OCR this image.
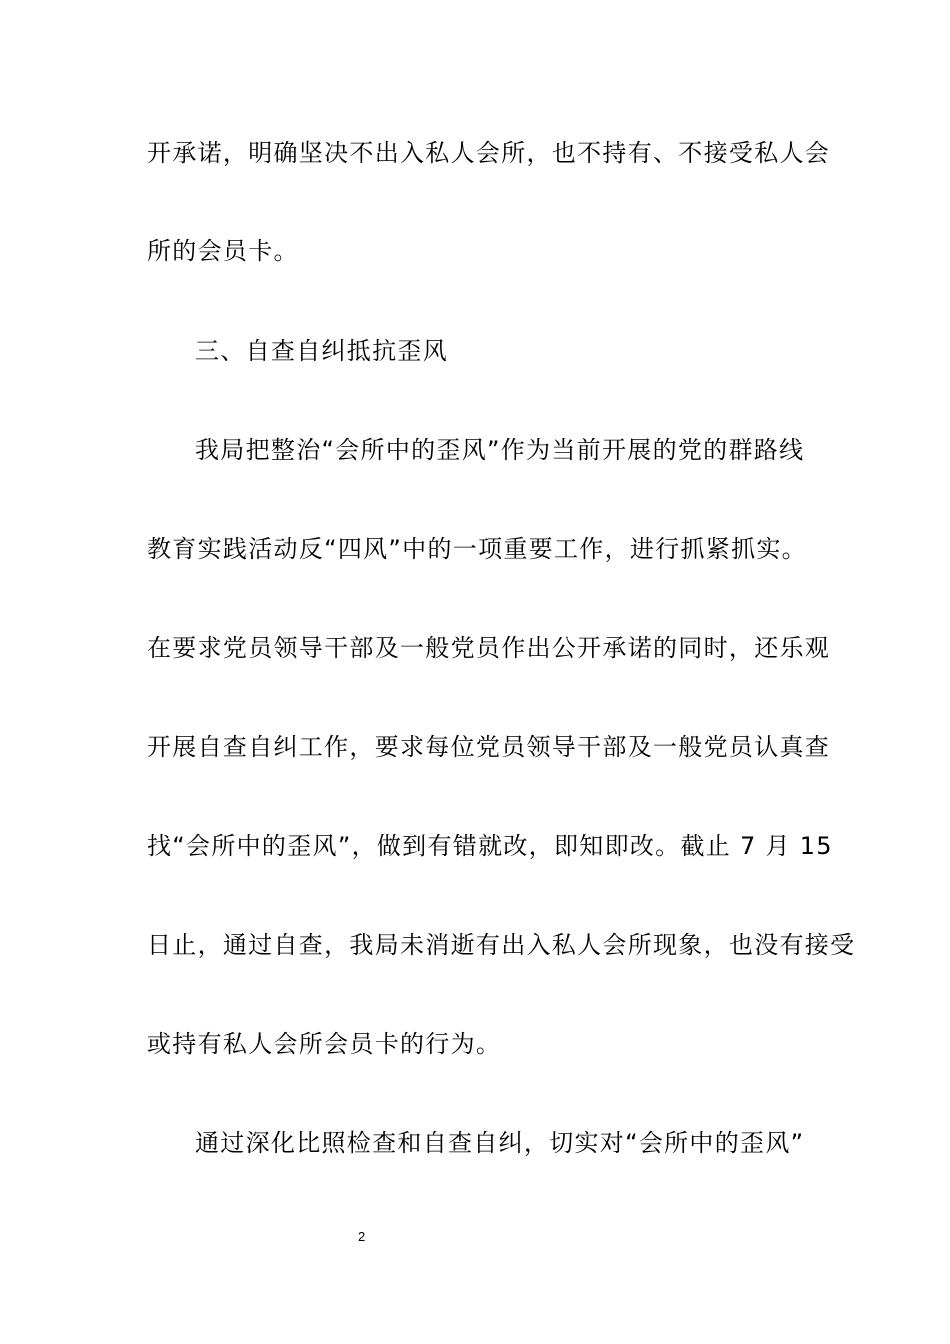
开承诺，明确坚决不出入私人会所，也不持有、不接受私人会
所的会员卡。
三、自查自纠抵抗歪风
我局把整治“会所中的歪风”作为当前开展的党的群路线
教育实践活动反“四风”中的一项重要工作，进行抓紧抓实。
在要求党员领导干部及一般党员作出公开承诺的同时，还乐观
开展自查自纠工作，要求每位党员领导干部及一般党员认真查
找“会所中的歪风”，做到有错就改，即知即改。截止 7 月 15
日止，通过自查，我局未消逝有出入私人会所现象，也没有接受
或持有私人会所会员卡的行为。
通过深化比照检查和自查自纠，切实对“会所中的歪风”
2
